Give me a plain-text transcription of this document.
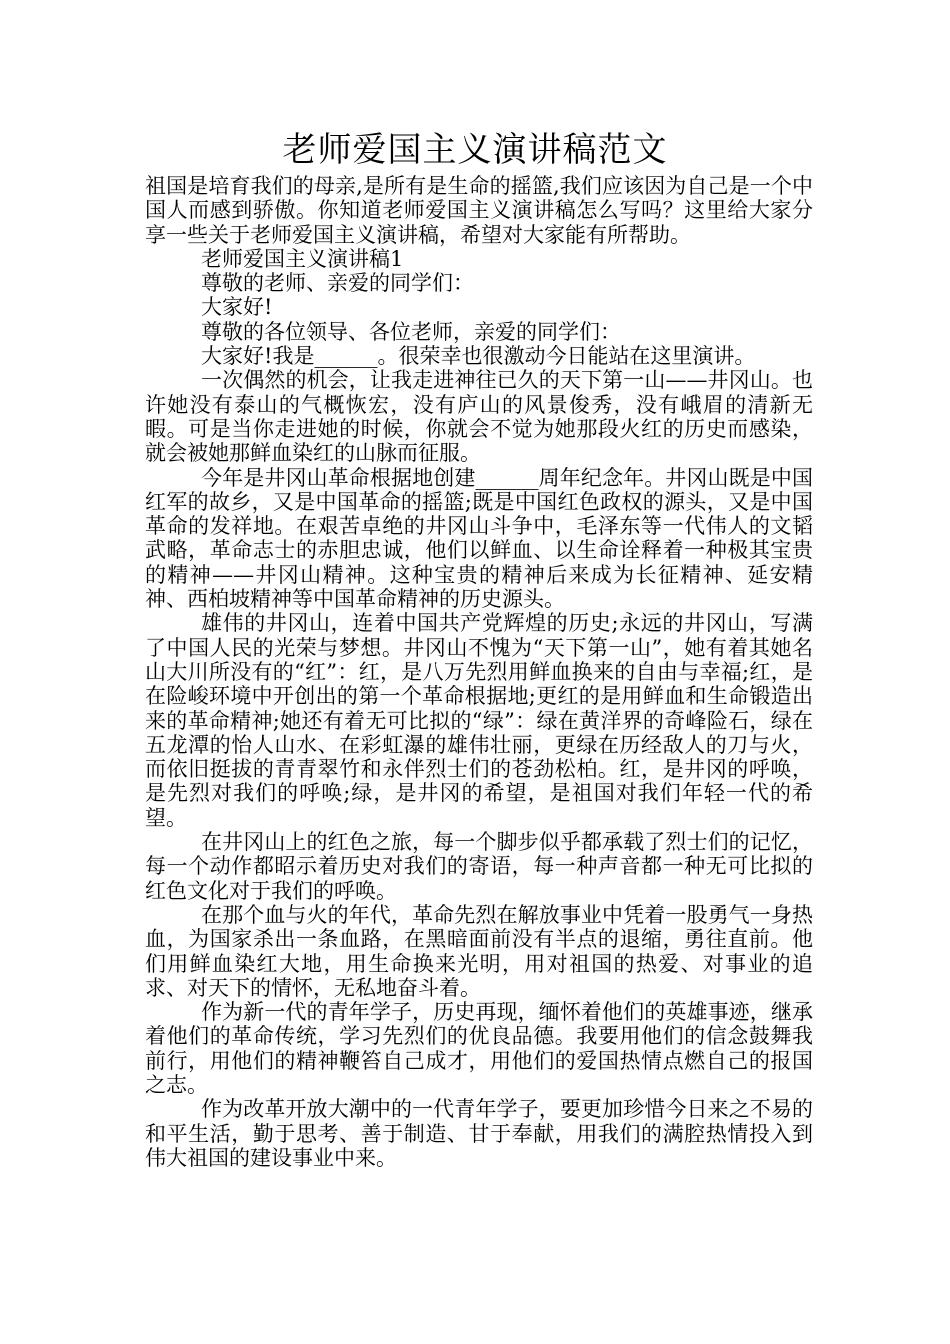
老师爱国主义演讲稿范文

祖国是培育我们的母亲,是所有是生命的摇篮,我们应该因为自己是一个中国人而感到骄傲。你知道老师爱国主义演讲稿怎么写吗？这里给大家分享一些关于老师爱国主义演讲稿，希望对大家能有所帮助。

老师爱国主义演讲稿1

尊敬的老师、亲爱的同学们：

大家好!

尊敬的各位领导、各位老师，亲爱的同学们：

大家好!我是______。很荣幸也很激动今日能站在这里演讲。

一次偶然的机会，让我走进神往已久的天下第一山——井冈山。也许她没有泰山的气概恢宏，没有庐山的风景俊秀，没有峨眉的清新无暇。可是当你走进她的时候，你就会不觉为她那段火红的历史而感染，就会被她那鲜血染红的山脉而征服。

今年是井冈山革命根据地创建______周年纪念年。井冈山既是中国红军的故乡，又是中国革命的摇篮;既是中国红色政权的源头，又是中国革命的发祥地。在艰苦卓绝的井冈山斗争中，毛泽东等一代伟人的文韬武略，革命志士的赤胆忠诚，他们以鲜血、以生命诠释着一种极其宝贵的精神——井冈山精神。这种宝贵的精神后来成为长征精神、延安精神、西柏坡精神等中国革命精神的历史源头。

雄伟的井冈山，连着中国共产党辉煌的历史;永远的井冈山，写满了中国人民的光荣与梦想。井冈山不愧为“天下第一山”，她有着其她名山大川所没有的“红”：红，是八万先烈用鲜血换来的自由与幸福;红，是在险峻环境中开创出的第一个革命根据地;更红的是用鲜血和生命锻造出来的革命精神;她还有着无可比拟的“绿”：绿在黄洋界的奇峰险石，绿在五龙潭的怡人山水、在彩虹瀑的雄伟壮丽，更绿在历经敌人的刀与火，而依旧挺拔的青青翠竹和永伴烈士们的苍劲松柏。红，是井冈的呼唤，是先烈对我们的呼唤;绿，是井冈的希望，是祖国对我们年轻一代的希望。

在井冈山上的红色之旅，每一个脚步似乎都承载了烈士们的记忆，每一个动作都昭示着历史对我们的寄语，每一种声音都一种无可比拟的红色文化对于我们的呼唤。

在那个血与火的年代，革命先烈在解放事业中凭着一股勇气一身热血，为国家杀出一条血路，在黑暗面前没有半点的退缩，勇往直前。他们用鲜血染红大地，用生命换来光明，用对祖国的热爱、对事业的追求、对天下的情怀，无私地奋斗着。

作为新一代的青年学子，历史再现，缅怀着他们的英雄事迹，继承着他们的革命传统，学习先烈们的优良品德。我要用他们的信念鼓舞我前行，用他们的精神鞭笞自己成才，用他们的爱国热情点燃自己的报国之志。

作为改革开放大潮中的一代青年学子，要更加珍惜今日来之不易的和平生活，勤于思考、善于制造、甘于奉献，用我们的满腔热情投入到伟大祖国的建设事业中来。
